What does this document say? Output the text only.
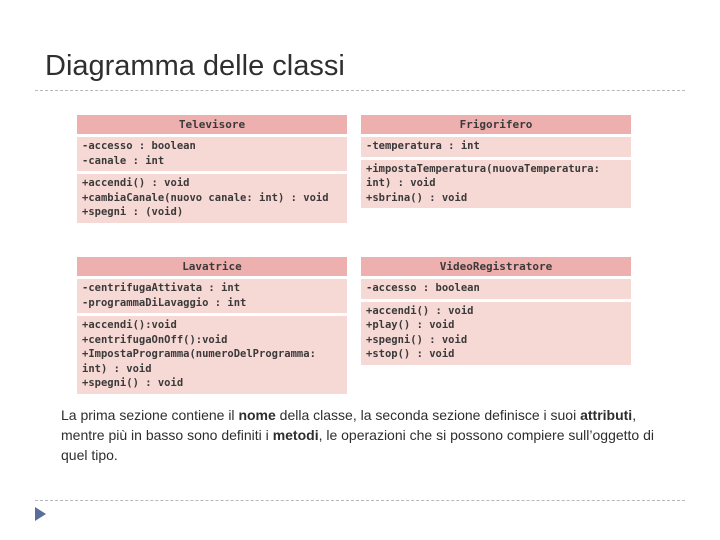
Diagramma delle classi
Televisore
-accesso : boolean
-canale : int
+accendi() : void
+cambiaCanale(nuovo canale: int) : void
+spegni : (void)
Frigorifero
-temperatura : int
+impostaTemperatura(nuovaTemperatura: int) : void
+sbrina() : void
Lavatrice
-centrifugaAttivata : int
-programmaDiLavaggio : int
+accendi():void
+centrifugaOnOff():void
+ImpostaProgramma(numeroDelProgramma: int) : void
+spegni() : void
VideoRegistratore
-accesso : boolean
+accendi() : void
+play() : void
+spegni() : void
+stop() : void
La prima sezione contiene il nome della classe, la seconda sezione definisce i suoi attributi, mentre più in basso sono definiti i metodi, le operazioni che si possono compiere sull’oggetto di quel tipo.
